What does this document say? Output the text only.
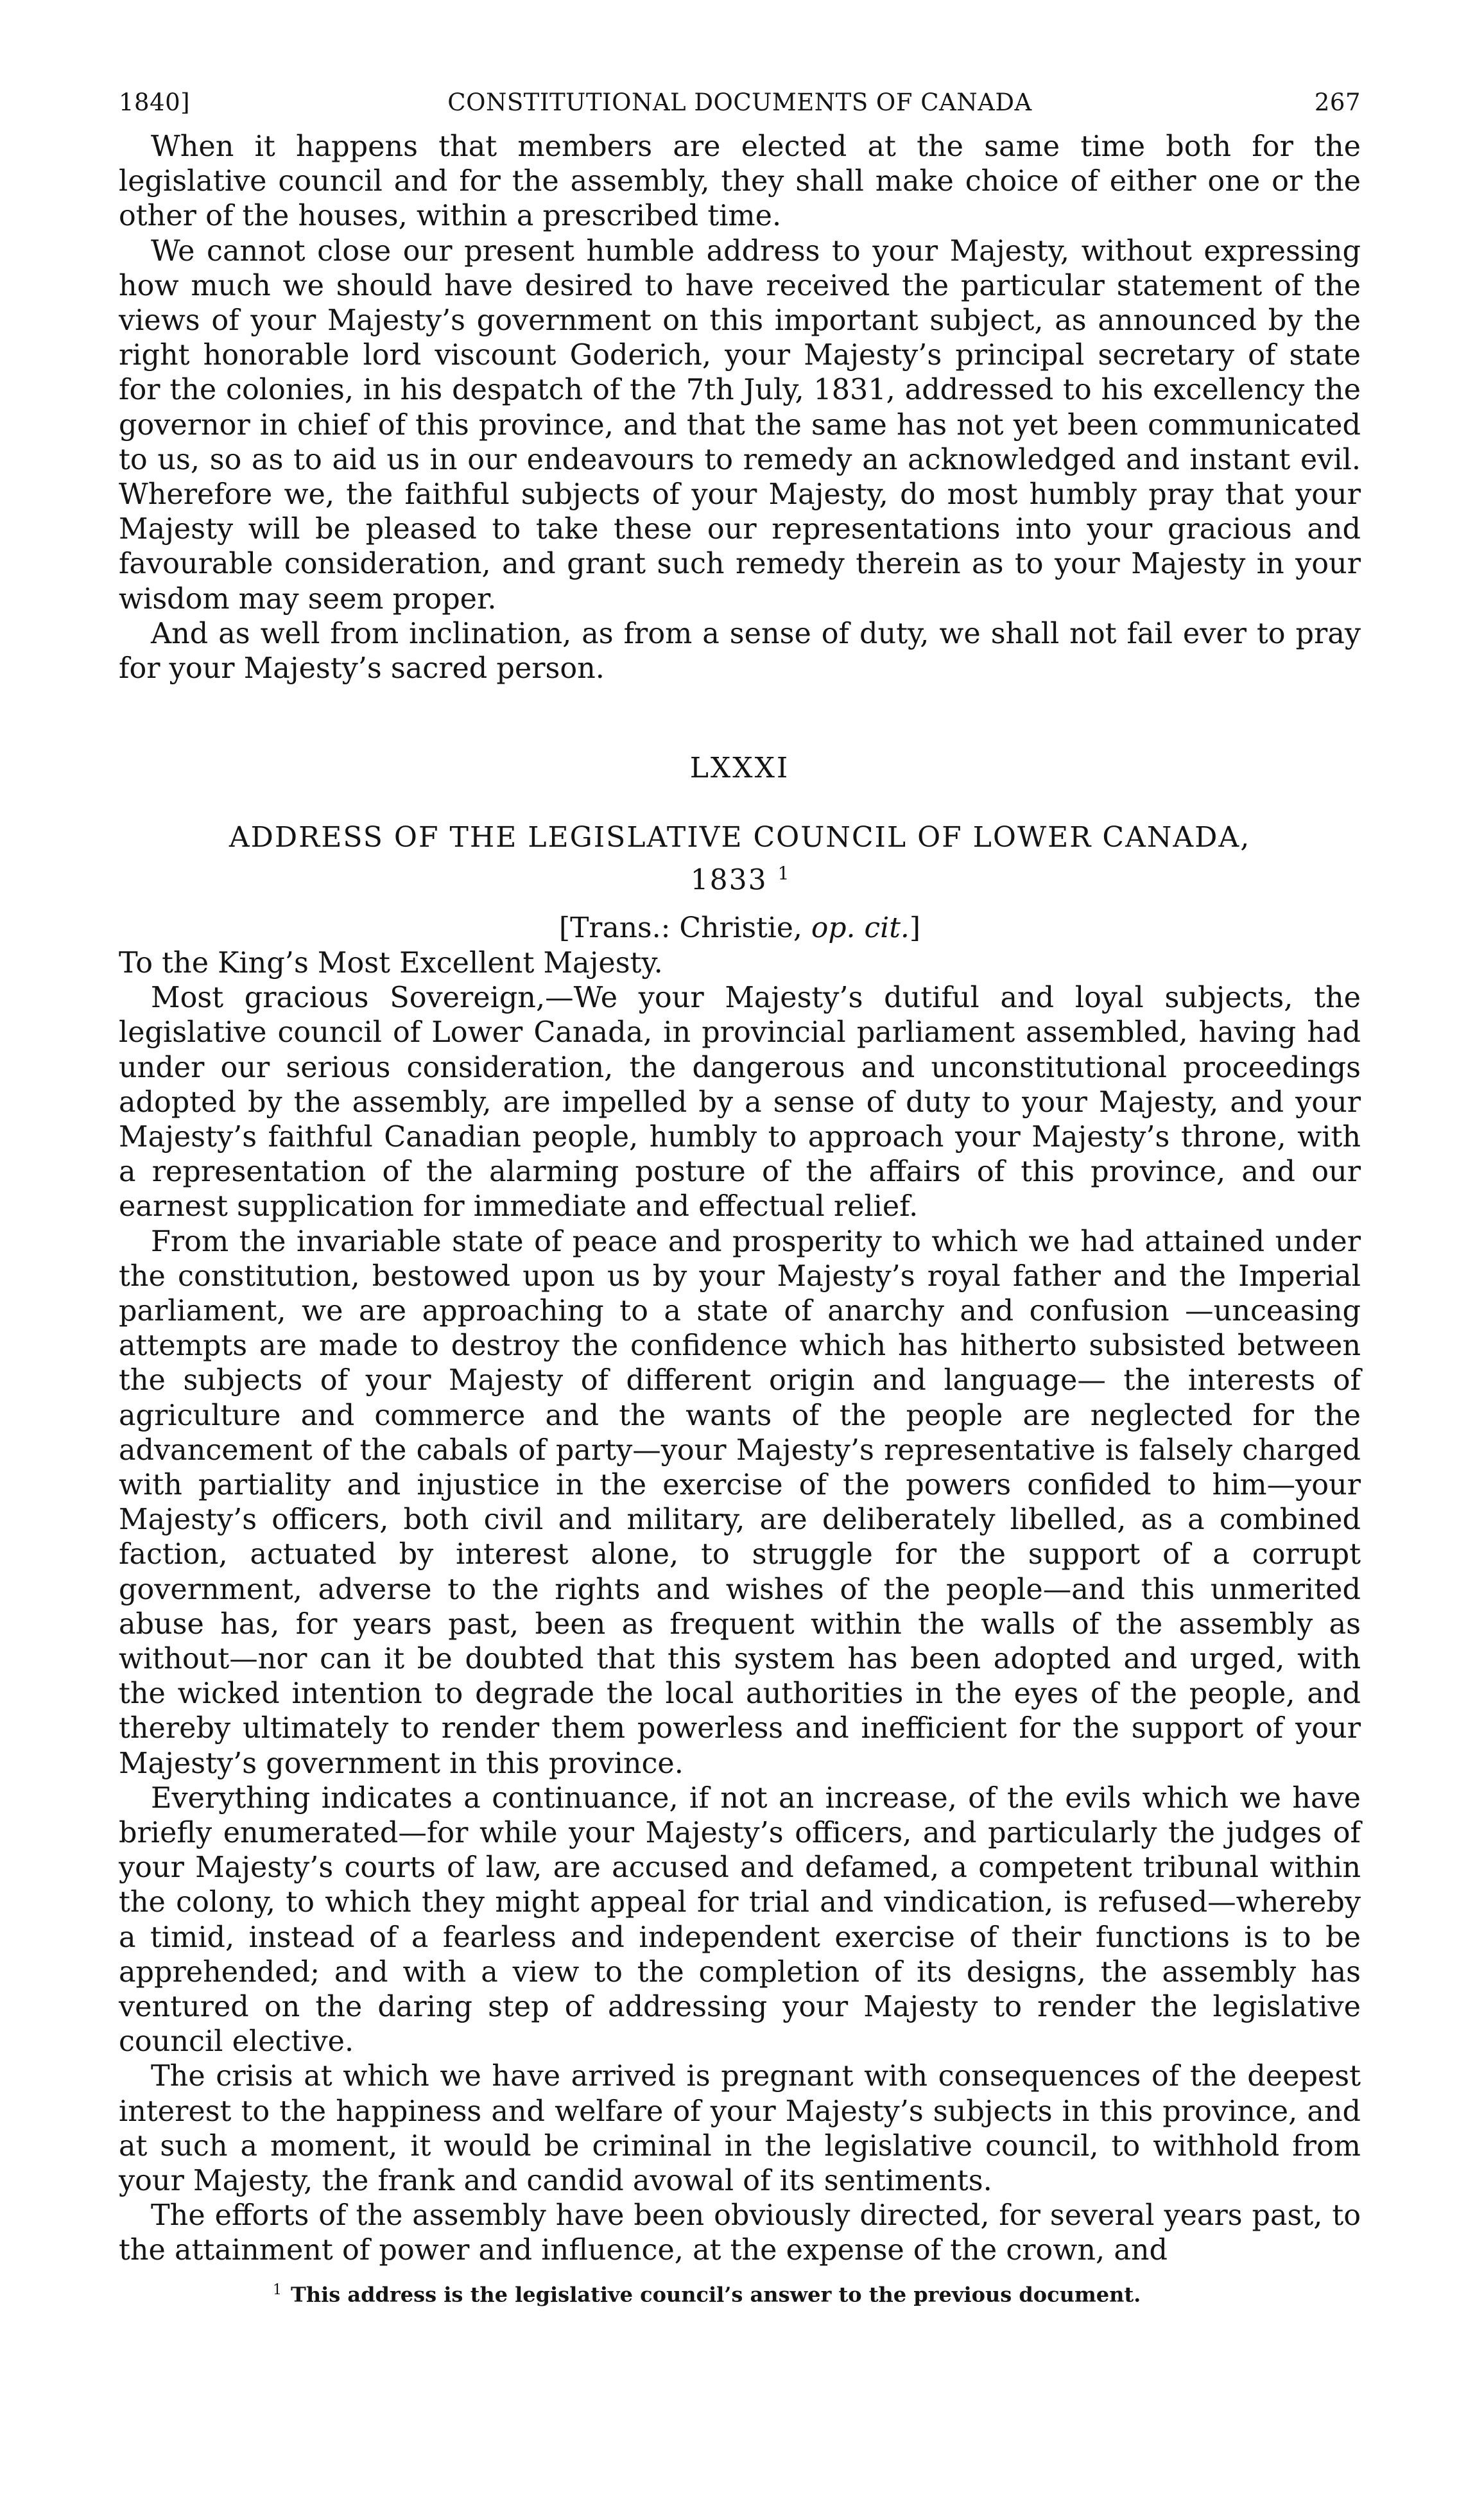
1840]	CONSTITUTIONAL DOCUMENTS OF CANADA	267

When it happens that members are elected at the same time both for the legislative council and for the assembly, they shall make choice of either one or the other of the houses, within a prescribed time.

We cannot close our present humble address to your Majesty, without expressing how much we should have desired to have received the particular statement of the views of your Majesty’s government on this important subject, as announced by the right honorable lord viscount Goderich, your Majesty’s principal secretary of state for the colonies, in his despatch of the 7th July, 1831, addressed to his excellency the governor in chief of this province, and that the same has not yet been communicated to us, so as to aid us in our endeavours to remedy an acknowledged and instant evil. Wherefore we, the faithful subjects of your Majesty, do most humbly pray that your Majesty will be pleased to take these our representations into your gracious and favourable consideration, and grant such remedy therein as to your Majesty in your wisdom may seem proper.

And as well from inclination, as from a sense of duty, we shall not fail ever to pray for your Majesty’s sacred person.

LXXXI
ADDRESS OF THE LEGISLATIVE COUNCIL OF LOWER CANADA, 1833 $^1$
[Trans.: Christie, op. cit.]

To the King’s Most Excellent Majesty.

Most gracious Sovereign,—We your Majesty’s dutiful and loyal subjects, the legislative council of Lower Canada, in provincial parliament assembled, having had under our serious consideration, the dangerous and unconstitutional proceedings adopted by the assembly, are impelled by a sense of duty to your Majesty, and your Majesty’s faithful Canadian people, humbly to approach your Majesty’s throne, with a representation of the alarming posture of the affairs of this province, and our earnest supplication for immediate and effectual relief.

From the invariable state of peace and prosperity to which we had attained under the constitution, bestowed upon us by your Majesty’s royal father and the Imperial parliament, we are approaching to a state of anarchy and confusion —unceasing attempts are made to destroy the confidence which has hitherto subsisted between the subjects of your Majesty of different origin and language— the interests of agriculture and commerce and the wants of the people are neglected for the advancement of the cabals of party—your Majesty’s representative is falsely charged with partiality and injustice in the exercise of the powers confided to him—your Majesty’s officers, both civil and military, are deliberately libelled, as a combined faction, actuated by interest alone, to struggle for the support of a corrupt government, adverse to the rights and wishes of the people—and this unmerited abuse has, for years past, been as frequent within the walls of the assembly as without—nor can it be doubted that this system has been adopted and urged, with the wicked intention to degrade the local authorities in the eyes of the people, and thereby ultimately to render them powerless and inefficient for the support of your Majesty’s government in this province.

Everything indicates a continuance, if not an increase, of the evils which we have briefly enumerated—for while your Majesty’s officers, and particularly the judges of your Majesty’s courts of law, are accused and defamed, a competent tribunal within the colony, to which they might appeal for trial and vindication, is refused—whereby a timid, instead of a fearless and independent exercise of their functions is to be apprehended; and with a view to the completion of its designs, the assembly has ventured on the daring step of addressing your Majesty to render the legislative council elective.

The crisis at which we have arrived is pregnant with consequences of the deepest interest to the happiness and welfare of your Majesty’s subjects in this province, and at such a moment, it would be criminal in the legislative council, to withhold from your Majesty, the frank and candid avowal of its sentiments.

The efforts of the assembly have been obviously directed, for several years past, to the attainment of power and influence, at the expense of the crown, and

$^1$ This address is the legislative council’s answer to the previous document.
